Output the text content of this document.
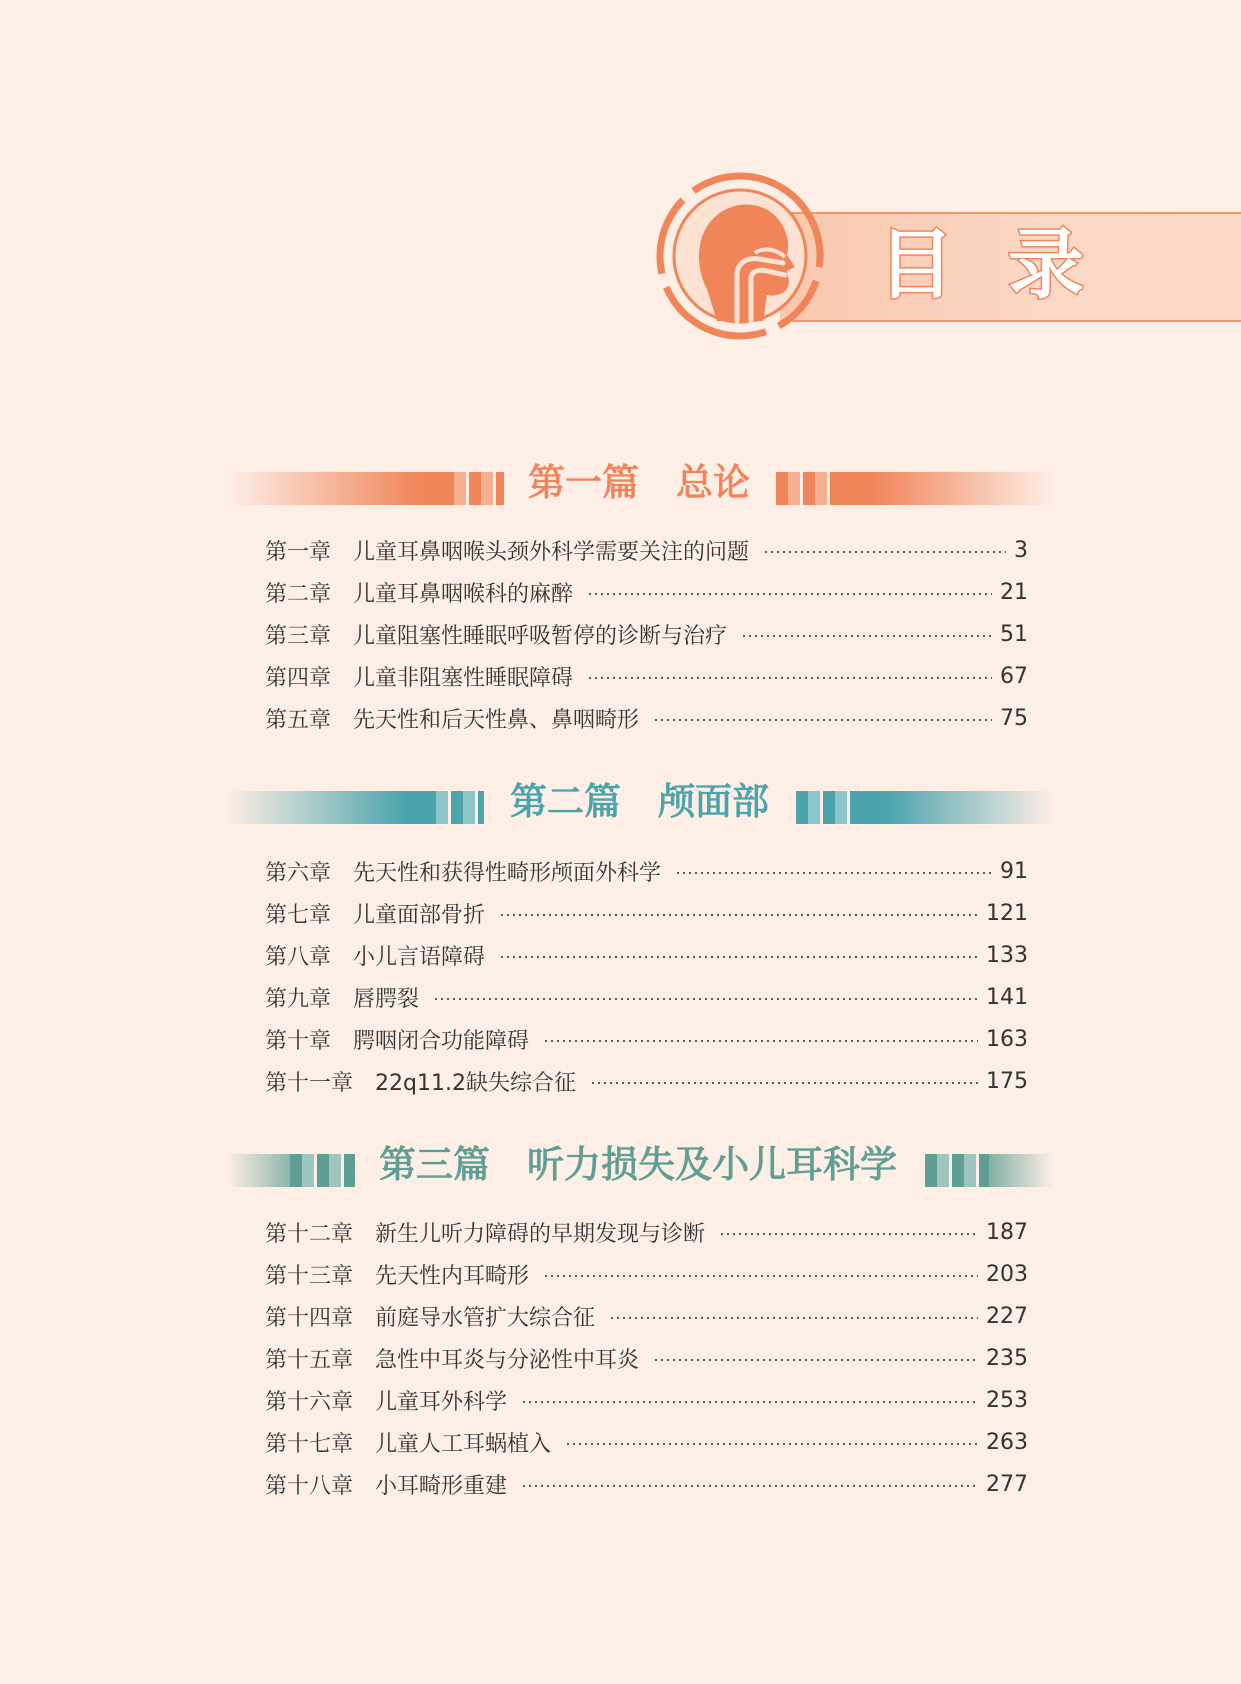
目录
第一篇　总论
第一章 儿童耳鼻咽喉头颈外科学需要关注的问题	3
第二章 儿童耳鼻咽喉科的麻醉	21
第三章 儿童阻塞性睡眠呼吸暂停的诊断与治疗	51
第四章 儿童非阻塞性睡眠障碍	67
第五章 先天性和后天性鼻、鼻咽畸形	75
第二篇　颅面部
第六章 先天性和获得性畸形颅面外科学	91
第七章 儿童面部骨折	121
第八章 小儿言语障碍	133
第九章 唇腭裂	141
第十章 腭咽闭合功能障碍	163
第十一章 22q11.2缺失综合征	175
第三篇　听力损失及小儿耳科学
第十二章 新生儿听力障碍的早期发现与诊断	187
第十三章 先天性内耳畸形	203
第十四章 前庭导水管扩大综合征	227
第十五章 急性中耳炎与分泌性中耳炎	235
第十六章 儿童耳外科学	253
第十七章 儿童人工耳蜗植入	263
第十八章 小耳畸形重建	277
